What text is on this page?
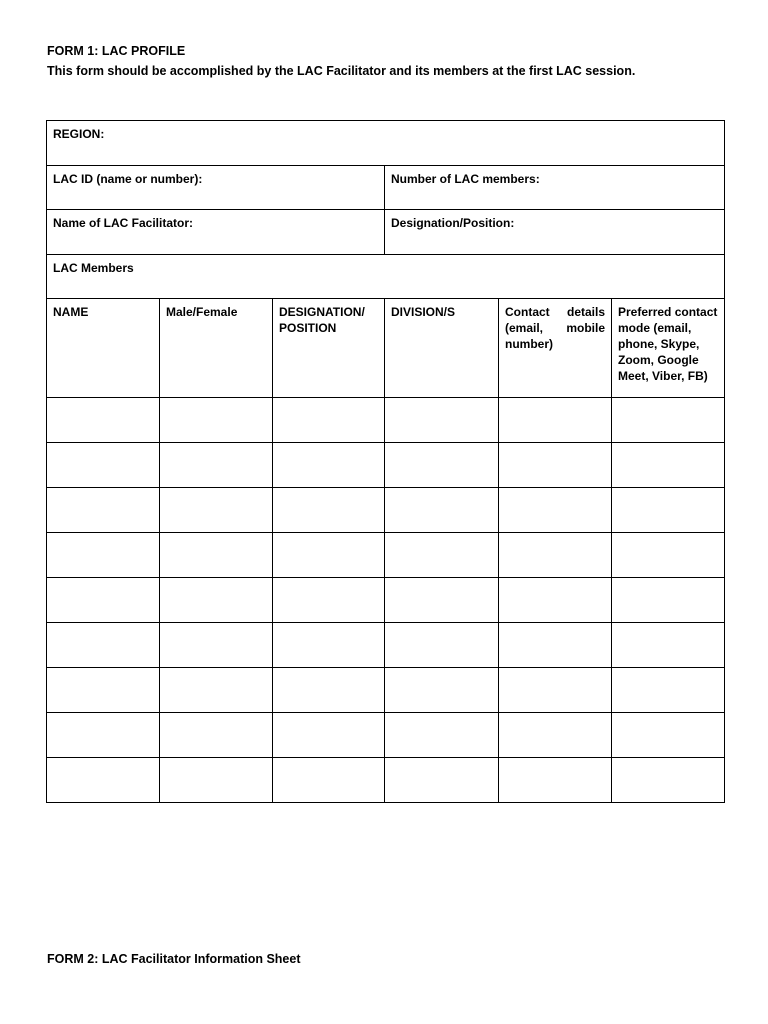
FORM 1: LAC PROFILE
This form should be accomplished by the LAC Facilitator and its members at the first LAC session.
REGION:					
LAC ID (name or number):			Number of LAC members:		
Name of LAC Facilitator:			Designation/Position:		
LAC Members					
NAME	Male/Female	DESIGNATION/ POSITION	DIVISION/S	Contact details (email, mobile number)	Preferred contact mode (email, phone, Skype, Zoom, Google Meet, Viber, FB)

FORM 2: LAC Facilitator Information Sheet
